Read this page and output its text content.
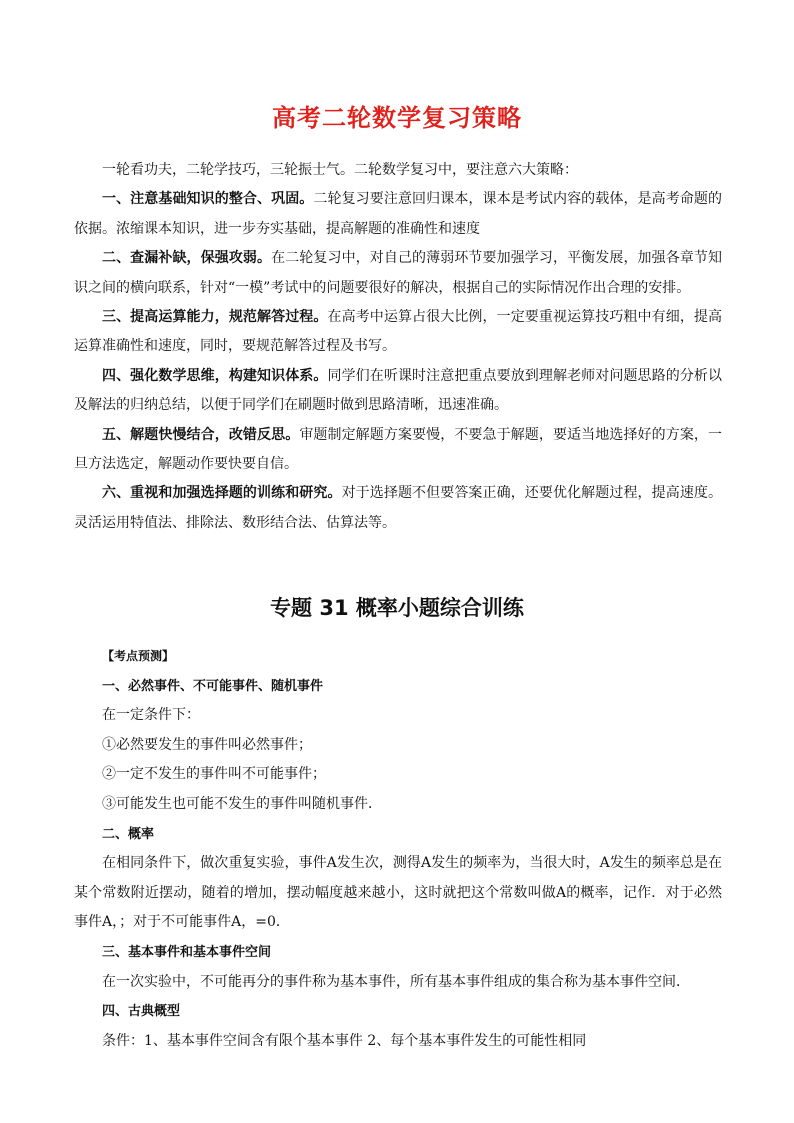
高考二轮数学复习策略

一轮看功夫，二轮学技巧，三轮振士气。二轮数学复习中，要注意六大策略：

一、注意基础知识的整合、巩固。二轮复习要注意回归课本，课本是考试内容的载体，是高考命题的依据。浓缩课本知识，进一步夯实基础，提高解题的准确性和速度

二、查漏补缺，保强攻弱。在二轮复习中，对自己的薄弱环节要加强学习，平衡发展，加强各章节知识之间的横向联系，针对“一模”考试中的问题要很好的解决，根据自己的实际情况作出合理的安排。

三、提高运算能力，规范解答过程。在高考中运算占很大比例，一定要重视运算技巧粗中有细，提高运算准确性和速度，同时，要规范解答过程及书写。

四、强化数学思维，构建知识体系。同学们在听课时注意把重点要放到理解老师对问题思路的分析以及解法的归纳总结，以便于同学们在刷题时做到思路清晰，迅速准确。

五、解题快慢结合，改错反思。审题制定解题方案要慢，不要急于解题，要适当地选择好的方案，一旦方法选定，解题动作要快要自信。

六、重视和加强选择题的训练和研究。对于选择题不但要答案正确，还要优化解题过程，提高速度。灵活运用特值法、排除法、数形结合法、估算法等。

专题 31 概率小题综合训练

【考点预测】

一、必然事件、不可能事件、随机事件

在一定条件下：

①必然要发生的事件叫必然事件；

②一定不发生的事件叫不可能事件；

③可能发生也可能不发生的事件叫随机事件．

二、概率

在相同条件下，做次重复实验，事件A发生次，测得A发生的频率为，当很大时，A发生的频率总是在某个常数附近摆动，随着的增加，摆动幅度越来越小，这时就把这个常数叫做A的概率，记作．对于必然事件A，；对于不可能事件A，=0．

三、基本事件和基本事件空间

在一次实验中，不可能再分的事件称为基本事件，所有基本事件组成的集合称为基本事件空间．

四、古典概型

条件：1、基本事件空间含有限个基本事件 2、每个基本事件发生的可能性相同
